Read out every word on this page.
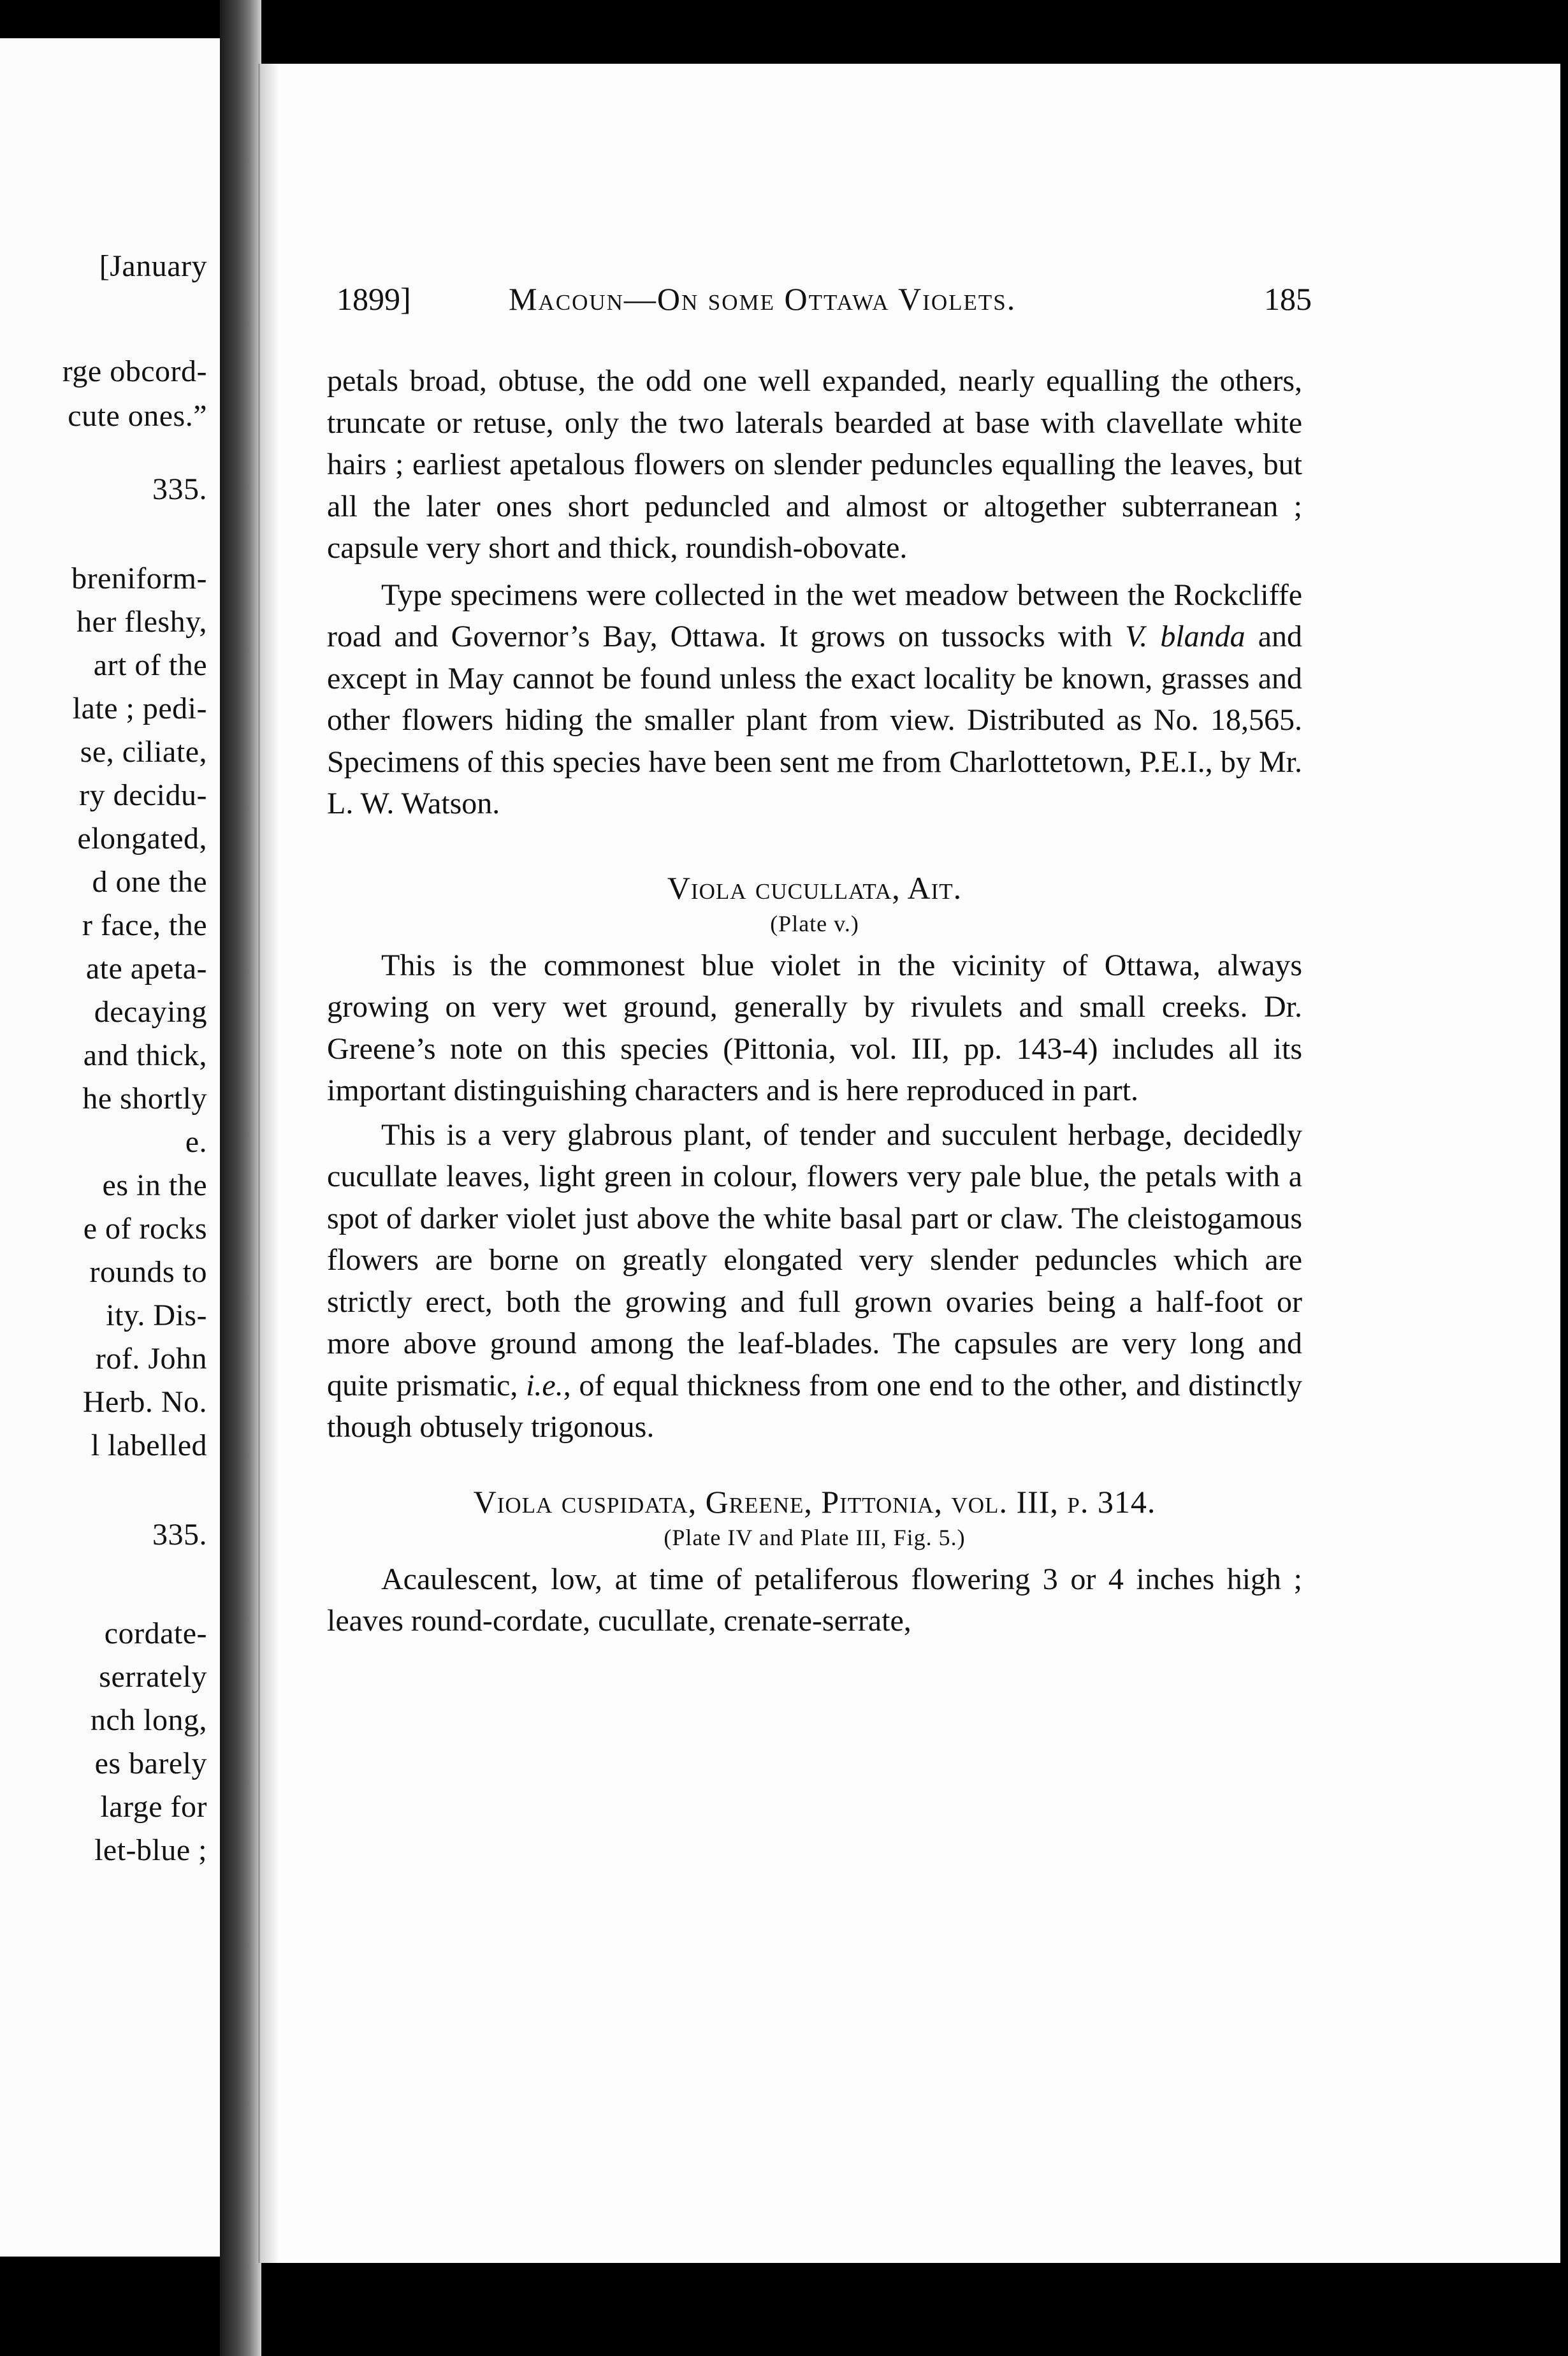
[January
rge obcord-
cute ones.”
335.
breniform-
her fleshy,
art of the
late ; pedi-
se, ciliate,
ry decidu-
elongated,
d one the
r face, the
ate apeta-
decaying
and thick,
he shortly
e.
es in the
e of rocks
rounds to
ity. Dis-
rof. John
Herb. No.
l labelled
335.
cordate-
serrately
nch long,
es barely
large for
let-blue ;
1899]	Macoun—On some Ottawa Violets.	185

petals broad, obtuse, the odd one well expanded, nearly equalling the others, truncate or retuse, only the two laterals bearded at base with clavellate white hairs ; earliest apetalous flowers on slender peduncles equalling the leaves, but all the later ones short peduncled and almost or altogether subterranean ; capsule very short and thick, roundish-obovate.

Type specimens were collected in the wet meadow between the Rockcliffe road and Governor’s Bay, Ottawa. It grows on tussocks with V. blanda and except in May cannot be found unless the exact locality be known, grasses and other flowers hiding the smaller plant from view. Distributed as No. 18,565. Specimens of this species have been sent me from Charlottetown, P.E.I., by Mr. L. W. Watson.

Viola cucullata, Ait.

(Plate v.)

This is the commonest blue violet in the vicinity of Ottawa, always growing on very wet ground, generally by rivulets and small creeks. Dr. Greene’s note on this species (Pittonia, vol. III, pp. 143-4) includes all its important distinguishing characters and is here reproduced in part.

This is a very glabrous plant, of tender and succulent herbage, decidedly cucullate leaves, light green in colour, flowers very pale blue, the petals with a spot of darker violet just above the white basal part or claw. The cleistogamous flowers are borne on greatly elongated very slender peduncles which are strictly erect, both the growing and full grown ovaries being a half-foot or more above ground among the leaf-blades. The capsules are very long and quite prismatic, i.e., of equal thickness from one end to the other, and distinctly though obtusely trigonous.

Viola cuspidata, Greene, Pittonia, vol. III, p. 314.

(Plate IV and Plate III, Fig. 5.)

Acaulescent, low, at time of petaliferous flowering 3 or 4 inches high ; leaves round-cordate, cucullate, crenate-serrate,
